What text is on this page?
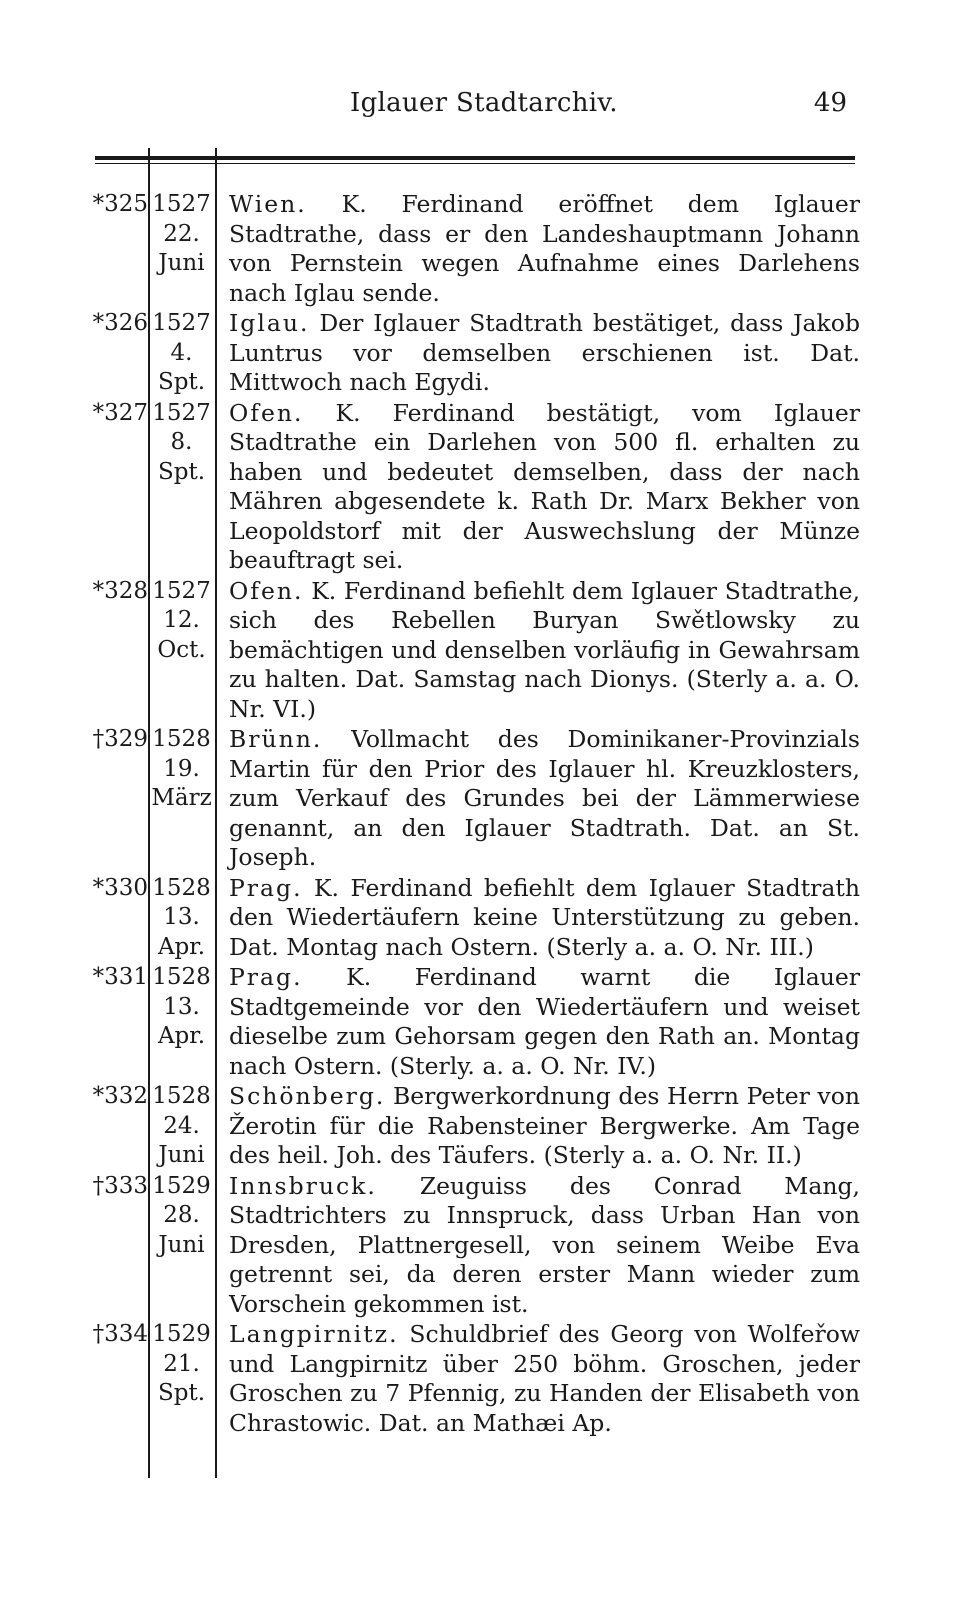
Iglauer Stadtarchiv.	49
*325 1527
22.
Juni
Wien. K. Ferdinand eröffnet dem Iglauer Stadtrathe, dass er den Landeshauptmann Johann von Pernstein wegen Aufnahme eines Darlehens nach Iglau sende.
*326 1527
4.
Spt.
Iglau. Der Iglauer Stadtrath bestätiget, dass Jakob Luntrus vor demselben erschienen ist. Dat. Mittwoch nach Egydi.
*327 1527
8.
Spt.
Ofen. K. Ferdinand bestätigt, vom Iglauer Stadtrathe ein Darlehen von 500 fl. erhalten zu haben und bedeutet demselben, dass der nach Mähren abgesendete k. Rath Dr. Marx Bekher von Leopoldstorf mit der Auswechslung der Münze beauftragt sei.
*328 1527
12.
Oct.
Ofen. K. Ferdinand befiehlt dem Iglauer Stadtrathe, sich des Rebellen Buryan Swětlowsky zu bemächtigen und denselben vorläufig in Gewahrsam zu halten. Dat. Samstag nach Dionys. (Sterly a. a. O. Nr. VI.)
†329 1528
19.
März
Brünn. Vollmacht des Dominikaner-Provinzials Martin für den Prior des Iglauer hl. Kreuzklosters, zum Verkauf des Grundes bei der Lämmerwiese genannt, an den Iglauer Stadtrath. Dat. an St. Joseph.
*330 1528
13.
Apr.
Prag. K. Ferdinand befiehlt dem Iglauer Stadtrath den Wiedertäufern keine Unterstützung zu geben. Dat. Montag nach Ostern. (Sterly a. a. O. Nr. III.)
*331 1528
13.
Apr.
Prag. K. Ferdinand warnt die Iglauer Stadtgemeinde vor den Wiedertäufern und weiset dieselbe zum Gehorsam gegen den Rath an. Montag nach Ostern. (Sterly. a. a. O. Nr. IV.)
*332 1528
24.
Juni
Schönberg. Bergwerkordnung des Herrn Peter von Žerotin für die Rabensteiner Bergwerke. Am Tage des heil. Joh. des Täufers. (Sterly a. a. O. Nr. II.)
†333 1529
28.
Juni
Innsbruck. Zeuguiss des Conrad Mang, Stadtrichters zu Innspruck, dass Urban Han von Dresden, Plattnergesell, von seinem Weibe Eva getrennt sei, da deren erster Mann wieder zum Vorschein gekommen ist.
†334 1529
21.
Spt.
Langpirnitz. Schuldbrief des Georg von Wolfeřow und Langpirnitz über 250 böhm. Groschen, jeder Groschen zu 7 Pfennig, zu Handen der Elisabeth von Chrastowic. Dat. an Mathæi Ap.
